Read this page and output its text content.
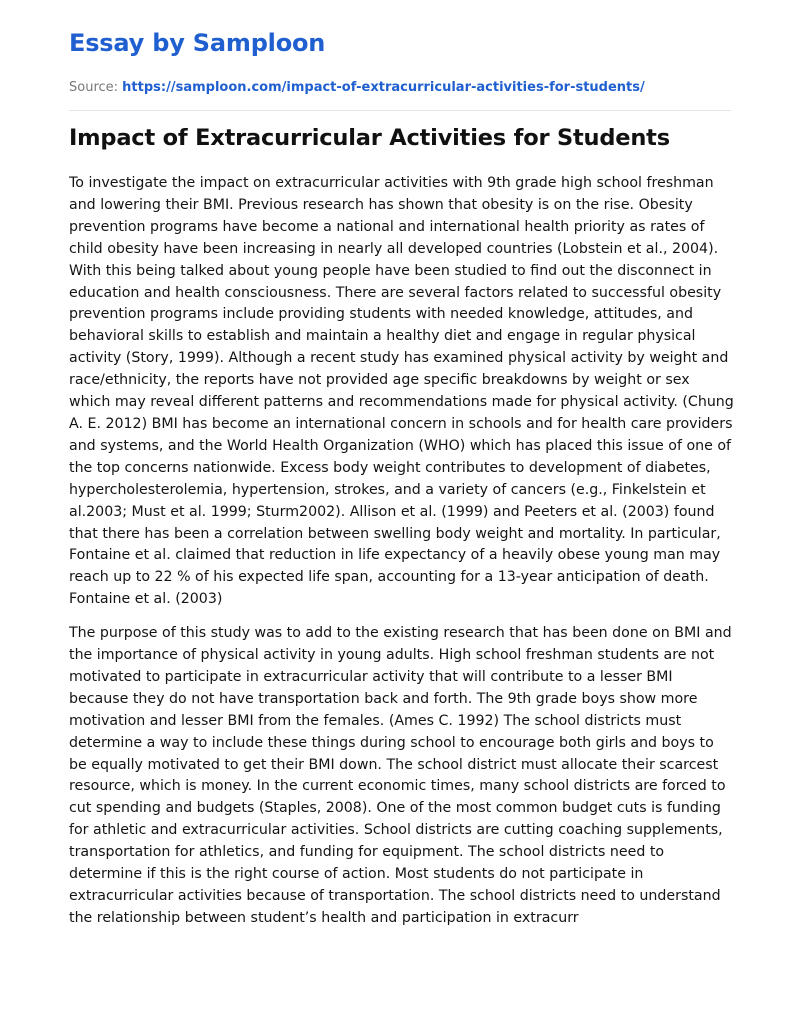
Essay by Samploon
Source: https://samploon.com/impact-of-extracurricular-activities-for-students/
Impact of Extracurricular Activities for Students

To investigate the impact on extracurricular activities with 9th grade high school freshman and lowering their BMI. Previous research has shown that obesity is on the rise. Obesity prevention programs have become a national and international health priority as rates of child obesity have been increasing in nearly all developed countries (Lobstein et al., 2004). With this being talked about young people have been studied to find out the disconnect in education and health consciousness. There are several factors related to successful obesity prevention programs include providing students with needed knowledge, attitudes, and behavioral skills to establish and maintain a healthy diet and engage in regular physical activity (Story, 1999). Although a recent study has examined physical activity by weight and race/ethnicity, the reports have not provided age specific breakdowns by weight or sex which may reveal different patterns and recommendations made for physical activity. (Chung A. E. 2012) BMI has become an international concern in schools and for health care providers and systems, and the World Health Organization (WHO) which has placed this issue of one of the top concerns nationwide. Excess body weight contributes to development of diabetes, hypercholesterolemia, hypertension, strokes, and a variety of cancers (e.g., Finkelstein et al.2003; Must et al. 1999; Sturm2002). Allison et al. (1999) and Peeters et al. (2003) found that there has been a correlation between swelling body weight and mortality. In particular, Fontaine et al. claimed that reduction in life expectancy of a heavily obese young man may reach up to 22 % of his expected life span, accounting for a 13-year anticipation of death. Fontaine et al. (2003)

The purpose of this study was to add to the existing research that has been done on BMI and the importance of physical activity in young adults. High school freshman students are not motivated to participate in extracurricular activity that will contribute to a lesser BMI because they do not have transportation back and forth. The 9th grade boys show more motivation and lesser BMI from the females. (Ames C. 1992) The school districts must determine a way to include these things during school to encourage both girls and boys to be equally motivated to get their BMI down. The school district must allocate their scarcest resource, which is money. In the current economic times, many school districts are forced to cut spending and budgets (Staples, 2008). One of the most common budget cuts is funding for athletic and extracurricular activities. School districts are cutting coaching supplements, transportation for athletics, and funding for equipment. The school districts need to determine if this is the right course of action. Most students do not participate in extracurricular activities because of transportation. The school districts need to understand the relationship between student’s health and participation in extracurr
